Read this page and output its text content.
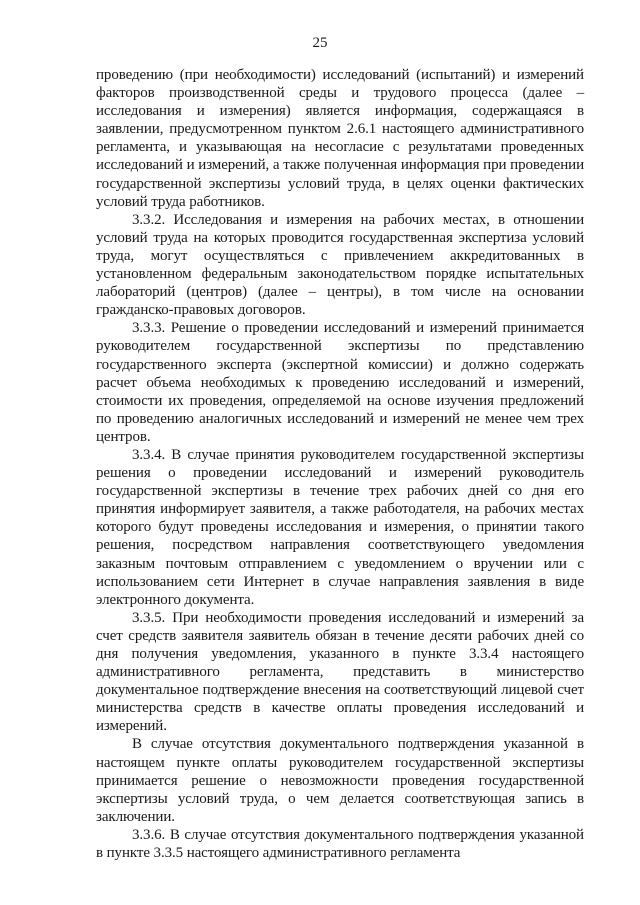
25

проведению (при необходимости) исследований (испытаний) и измерений факторов производственной среды и трудового процесса (далее – исследования и измерения) является информация, содержащаяся в заявлении, предусмотренном пунктом 2.6.1 настоящего административного регламента, и указывающая на несогласие с результатами проведенных исследований и измерений, а также полученная информация при проведении государственной экспертизы условий труда, в целях оценки фактических условий труда работников.

3.3.2. Исследования и измерения на рабочих местах, в отношении условий труда на которых проводится государственная экспертиза условий труда, могут осуществляться с привлечением аккредитованных в установленном федеральным законодательством порядке испытательных лабораторий (центров) (далее – центры), в том числе на основании гражданско-правовых договоров.

3.3.3. Решение о проведении исследований и измерений принимается руководителем государственной экспертизы по представлению государственного эксперта (экспертной комиссии) и должно содержать расчет объема необходимых к проведению исследований и измерений, стоимости их проведения, определяемой на основе изучения предложений по проведению аналогичных исследований и измерений не менее чем трех центров.

3.3.4. В случае принятия руководителем государственной экспертизы решения о проведении исследований и измерений руководитель государственной экспертизы в течение трех рабочих дней со дня его принятия информирует заявителя, а также работодателя, на рабочих местах которого будут проведены исследования и измерения, о принятии такого решения, посредством направления соответствующего уведомления заказным почтовым отправлением с уведомлением о вручении или с использованием сети Интернет в случае направления заявления в виде электронного документа.

3.3.5. При необходимости проведения исследований и измерений за счет средств заявителя заявитель обязан в течение десяти рабочих дней со дня получения уведомления, указанного в пункте 3.3.4 настоящего административного регламента, представить в министерство документальное подтверждение внесения на соответствующий лицевой счет министерства средств в качестве оплаты проведения исследований и измерений.

В случае отсутствия документального подтверждения указанной в настоящем пункте оплаты руководителем государственной экспертизы принимается решение о невозможности проведения государственной экспертизы условий труда, о чем делается соответствующая запись в заключении.

3.3.6. В случае отсутствия документального подтверждения указанной в пункте 3.3.5 настоящего административного регламента
